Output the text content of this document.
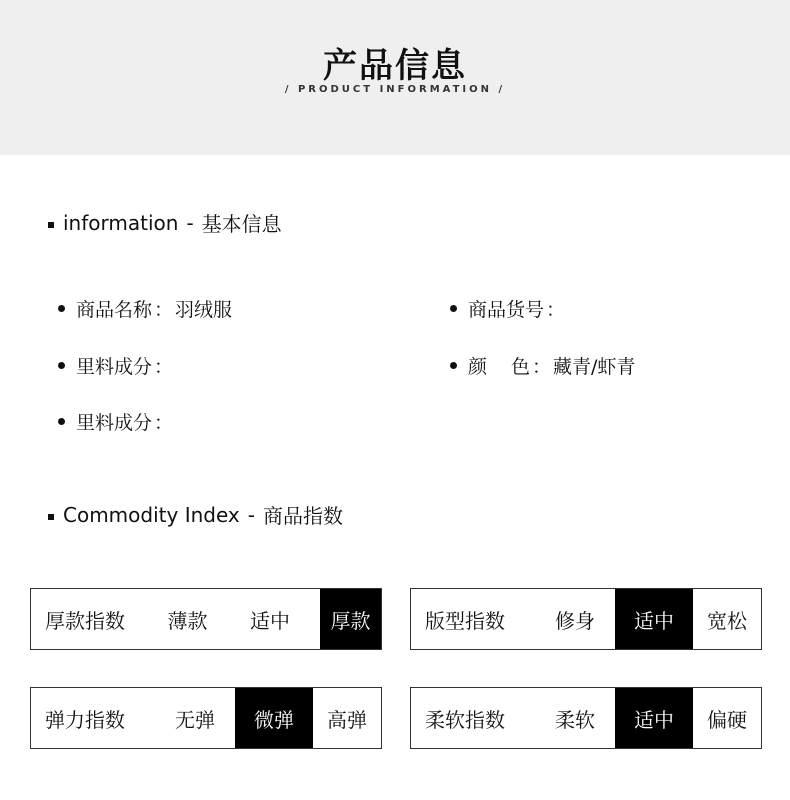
产品信息
/ PRODUCT INFORMATION /
information - 基本信息
商品名称 ： 羽绒服	商品货号 ：
里料成分 ：	颜 色 ： 藏青/虾青
里料成分 ：
Commodity Index - 商品指数
厚款指数	薄款	适中	厚款	版型指数	修身	适中	宽松
弹力指数	无弹	微弹	高弹	柔软指数	柔软	适中	偏硬
